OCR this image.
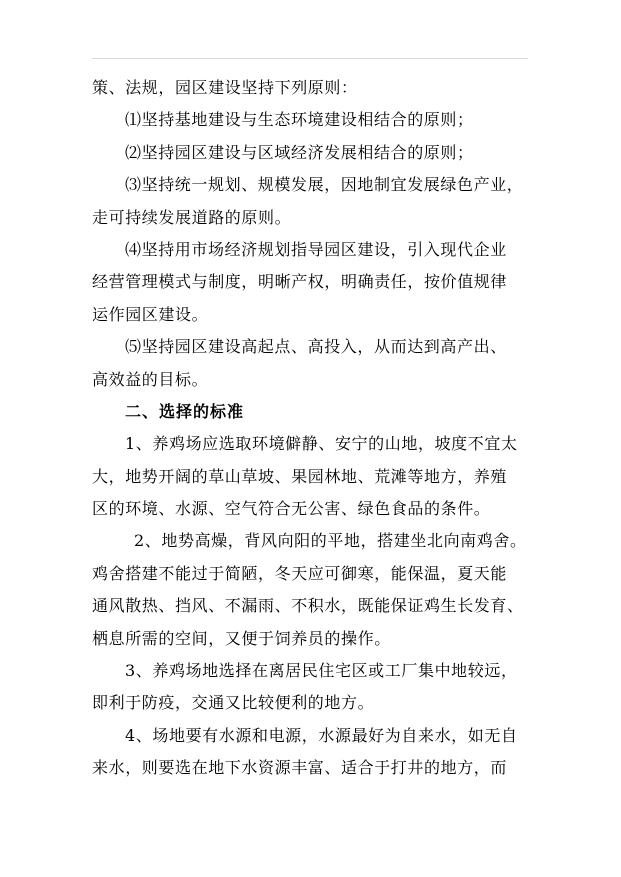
策、法规，园区建设坚持下列原则：
⑴坚持基地建设与生态环境建设相结合的原则；
⑵坚持园区建设与区域经济发展相结合的原则；
⑶坚持统一规划、规模发展，因地制宜发展绿色产业，
走可持续发展道路的原则。
⑷坚持用市场经济规划指导园区建设，引入现代企业
经营管理模式与制度，明晰产权，明确责任，按价值规律
运作园区建设。
⑸坚持园区建设高起点、高投入，从而达到高产出、
高效益的目标。
二、选择的标准
1、养鸡场应选取环境僻静、安宁的山地，坡度不宜太
大，地势开阔的草山草坡、果园林地、荒滩等地方，养殖
区的环境、水源、空气符合无公害、绿色食品的条件。
2、地势高燥，背风向阳的平地，搭建坐北向南鸡舍。
鸡舍搭建不能过于简陋，冬天应可御寒，能保温，夏天能
通风散热、挡风、不漏雨、不积水，既能保证鸡生长发育、
栖息所需的空间，又便于饲养员的操作。
3、养鸡场地选择在离居民住宅区或工厂集中地较远，
即利于防疫，交通又比较便利的地方。
4、场地要有水源和电源，水源最好为自来水，如无自
来水，则要选在地下水资源丰富、适合于打井的地方，而
